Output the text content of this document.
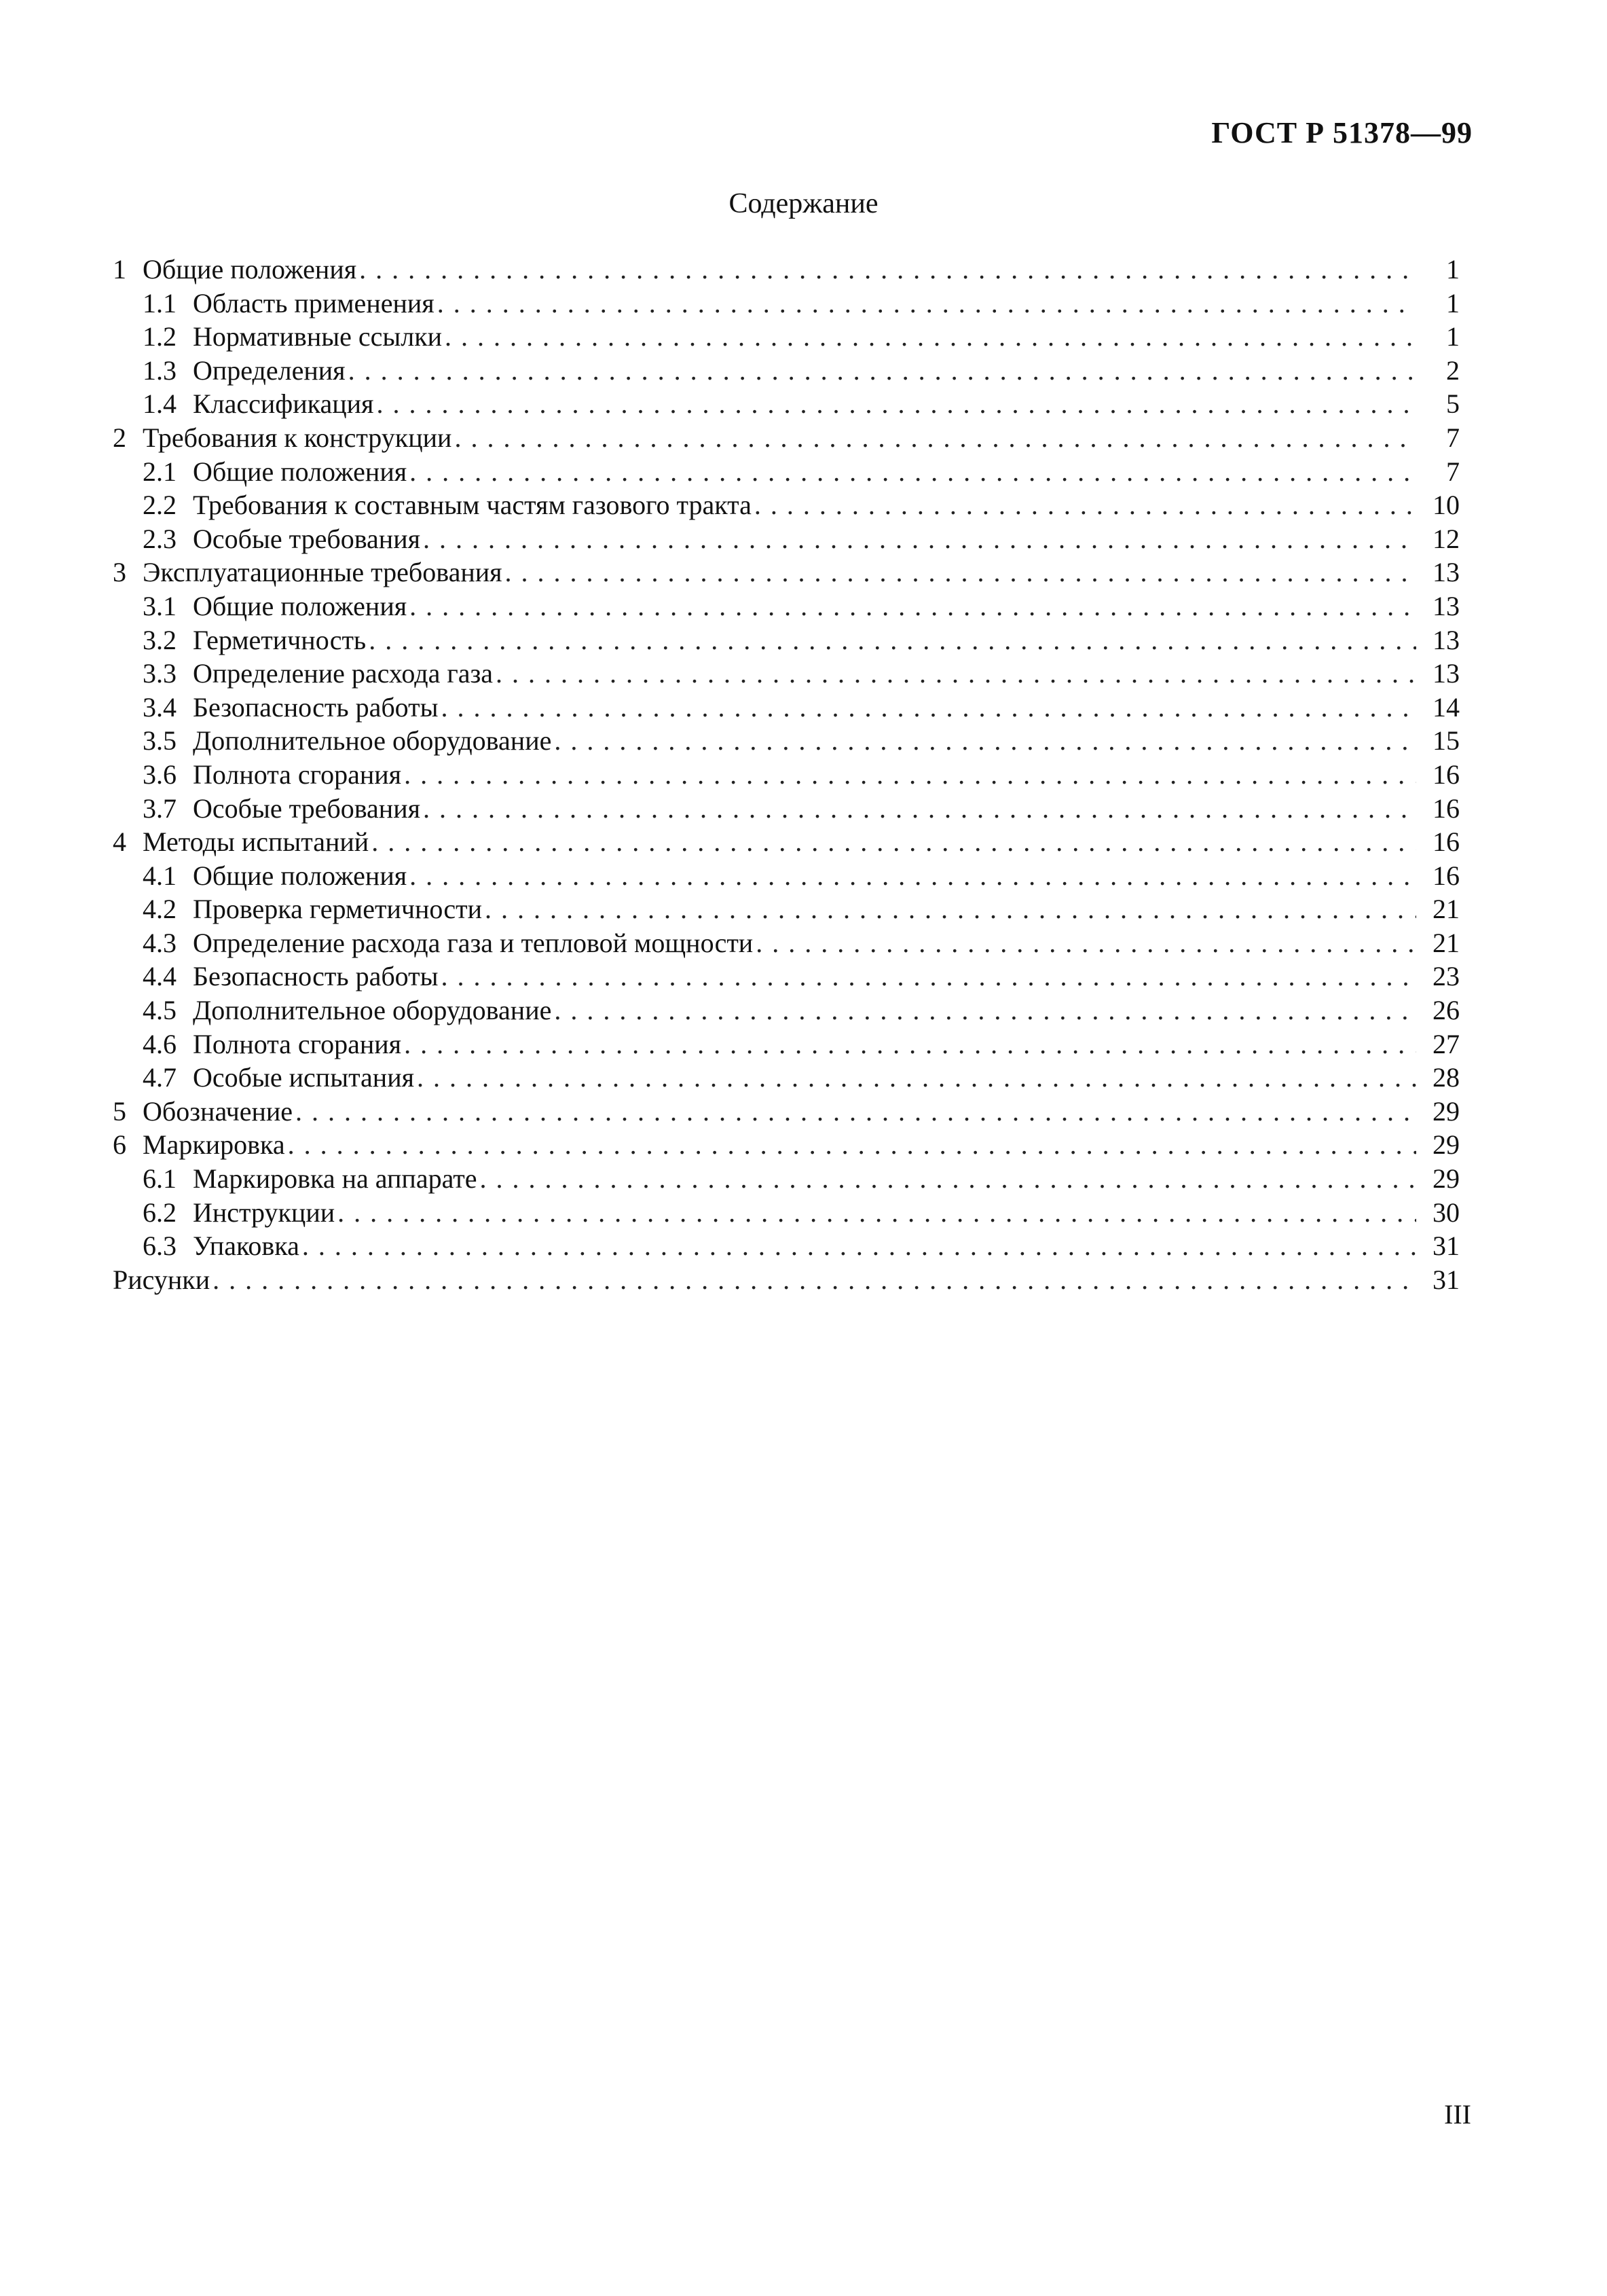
ГОСТ Р 51378—99
Содержание
1 Общие положения . . .	1
1.1 Область применения . . .	1
1.2 Нормативные ссылки . . .	1
1.3 Определения . . .	2
1.4 Классификация . . .	5
2 Требования к конструкции . . .	7
2.1 Общие положения . . .	7
2.2 Требования к составным частям газового тракта . . .	10
2.3 Особые требования . . .	12
3 Эксплуатационные требования . . .	13
3.1 Общие положения . . .	13
3.2 Герметичность . . .	13
3.3 Определение расхода газа . . .	13
3.4 Безопасность работы . . .	14
3.5 Дополнительное оборудование . . .	15
3.6 Полнота сгорания . . .	16
3.7 Особые требования . . .	16
4 Методы испытаний . . .	16
4.1 Общие положения . . .	16
4.2 Проверка герметичности . . .	21
4.3 Определение расхода газа и тепловой мощности . . .	21
4.4 Безопасность работы . . .	23
4.5 Дополнительное оборудование . . .	26
4.6 Полнота сгорания . . .	27
4.7 Особые испытания . . .	28
5 Обозначение . . .	29
6 Маркировка . . .	29
6.1 Маркировка на аппарате . . .	29
6.2 Инструкции . . .	30
6.3 Упаковка . . .	31
Рисунки . . .	31
III
